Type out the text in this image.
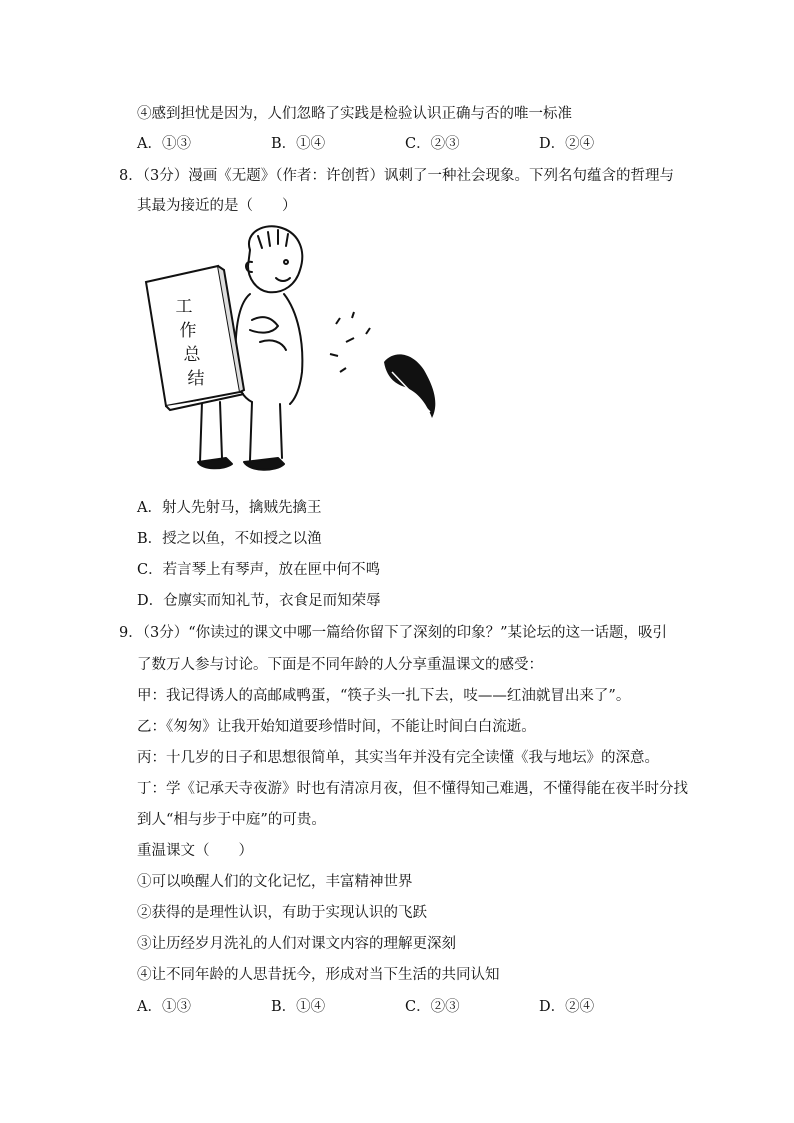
④感到担忧是因为，人们忽略了实践是检验认识正确与否的唯一标准
A．①③	B．①④	C．②③	D．②④
8．（3分）漫画《无题》（作者：许创哲）讽刺了一种社会现象。下列名句蕴含的哲理与
其最为接近的是（　　）
工
作
总
结
A．射人先射马，擒贼先擒王
B．授之以鱼，不如授之以渔
C．若言琴上有琴声，放在匣中何不鸣
D．仓廪实而知礼节，衣食足而知荣辱
9．（3分）“你读过的课文中哪一篇给你留下了深刻的印象？”某论坛的这一话题，吸引
了数万人参与讨论。下面是不同年龄的人分享重温课文的感受：
甲：我记得诱人的高邮咸鸭蛋，“筷子头一扎下去，吱——红油就冒出来了”。
乙：《匆匆》让我开始知道要珍惜时间，不能让时间白白流逝。
丙：十几岁的日子和思想很简单，其实当年并没有完全读懂《我与地坛》的深意。
丁：学《记承天寺夜游》时也有清凉月夜，但不懂得知己难遇，不懂得能在夜半时分找
到人“相与步于中庭”的可贵。
重温课文（　　）
①可以唤醒人们的文化记忆，丰富精神世界
②获得的是理性认识，有助于实现认识的飞跃
③让历经岁月洗礼的人们对课文内容的理解更深刻
④让不同年龄的人思昔抚今，形成对当下生活的共同认知
A．①③	B．①④	C．②③	D．②④
